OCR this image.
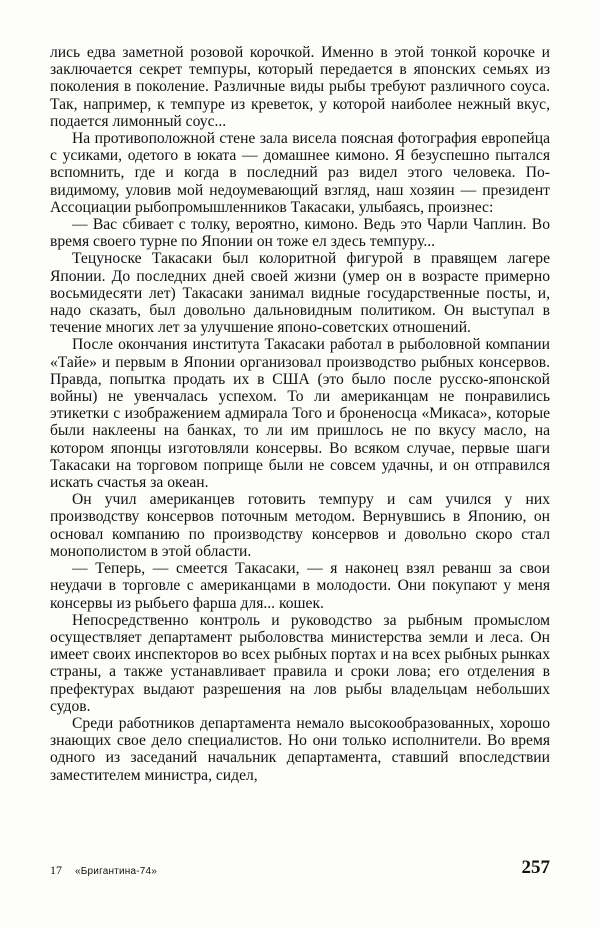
лись едва заметной розовой корочкой. Именно в этой тонкой корочке и заключается секрет темпуры, который передается в японских семьях из поколения в поколение. Различные виды рыбы требуют различного соуса. Так, например, к темпуре из креветок, у которой наиболее нежный вкус, подается лимонный соус...

На противоположной стене зала висела поясная фотография европейца с усиками, одетого в юката — домашнее кимоно. Я безуспешно пытался вспомнить, где и когда в последний раз видел этого человека. По-видимому, уловив мой недоумевающий взгляд, наш хозяин — президент Ассоциации рыбопромышленников Такасаки, улыбаясь, произнес:

— Вас сбивает с толку, вероятно, кимоно. Ведь это Чарли Чаплин. Во время своего турне по Японии он тоже ел здесь темпуру...

Тецуноске Такасаки был колоритной фигурой в правящем лагере Японии. До последних дней своей жизни (умер он в возрасте примерно восьмидесяти лет) Такасаки занимал видные государственные посты, и, надо сказать, был довольно дальновидным политиком. Он выступал в течение многих лет за улучшение японо-советских отношений.

После окончания института Такасаки работал в рыболовной компании «Тайе» и первым в Японии организовал производство рыбных консервов. Правда, попытка продать их в США (это было после русско-японской войны) не увенчалась успехом. То ли американцам не понравились этикетки с изображением адмирала Того и броненосца «Микаса», которые были наклеены на банках, то ли им пришлось не по вкусу масло, на котором японцы изготовляли консервы. Во всяком случае, первые шаги Такасаки на торговом поприще были не совсем удачны, и он отправился искать счастья за океан.

Он учил американцев готовить темпуру и сам учился у них производству консервов поточным методом. Вернувшись в Японию, он основал компанию по производству консервов и довольно скоро стал монополистом в этой области.

— Теперь, — смеется Такасаки, — я наконец взял реванш за свои неудачи в торговле с американцами в молодости. Они покупают у меня консервы из рыбьего фарша для... кошек.

Непосредственно контроль и руководство за рыбным промыслом осуществляет департамент рыболовства министерства земли и леса. Он имеет своих инспекторов во всех рыбных портах и на всех рыбных рынках страны, а также устанавливает правила и сроки лова; его отделения в префектурах выдают разрешения на лов рыбы владельцам небольших судов.

Среди работников департамента немало высокообразованных, хорошо знающих свое дело специалистов. Но они только исполнители. Во время одного из заседаний начальник департамента, ставший впоследствии заместителем министра, сидел,

17 «Бригантина-74»	257
